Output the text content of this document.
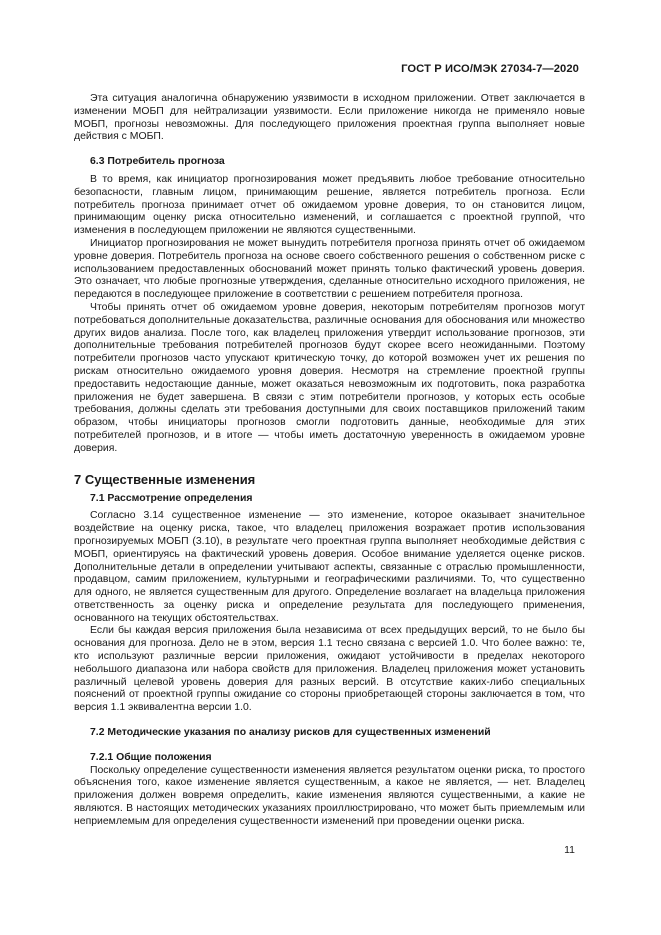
ГОСТ Р ИСО/МЭК 27034-7—2020

Эта ситуация аналогична обнаружению уязвимости в исходном приложении. Ответ заключается в изменении МОБП для нейтрализации уязвимости. Если приложение никогда не применяло новые МОБП, прогнозы невозможны. Для последующего приложения проектная группа выполняет новые действия с МОБП.

6.3 Потребитель прогноза

В то время, как инициатор прогнозирования может предъявить любое требование относительно безопасности, главным лицом, принимающим решение, является потребитель прогноза. Если потребитель прогноза принимает отчет об ожидаемом уровне доверия, то он становится лицом, принимающим оценку риска относительно изменений, и соглашается с проектной группой, что изменения в последующем приложении не являются существенными.

Инициатор прогнозирования не может вынудить потребителя прогноза принять отчет об ожидаемом уровне доверия. Потребитель прогноза на основе своего собственного решения о собственном риске с использованием предоставленных обоснований может принять только фактический уровень доверия. Это означает, что любые прогнозные утверждения, сделанные относительно исходного приложения, не передаются в последующее приложение в соответствии с решением потребителя прогноза.

Чтобы принять отчет об ожидаемом уровне доверия, некоторым потребителям прогнозов могут потребоваться дополнительные доказательства, различные основания для обоснования или множество других видов анализа. После того, как владелец приложения утвердит использование прогнозов, эти дополнительные требования потребителей прогнозов будут скорее всего неожиданными. Поэтому потребители прогнозов часто упускают критическую точку, до которой возможен учет их решения по рискам относительно ожидаемого уровня доверия. Несмотря на стремление проектной группы предоставить недостающие данные, может оказаться невозможным их подготовить, пока разработка приложения не будет завершена. В связи с этим потребители прогнозов, у которых есть особые требования, должны сделать эти требования доступными для своих поставщиков приложений таким образом, чтобы инициаторы прогнозов смогли подготовить данные, необходимые для этих потребителей прогнозов, и в итоге — чтобы иметь достаточную уверенность в ожидаемом уровне доверия.

7 Существенные изменения
7.1 Рассмотрение определения

Согласно 3.14 существенное изменение — это изменение, которое оказывает значительное воздействие на оценку риска, такое, что владелец приложения возражает против использования прогнозируемых МОБП (3.10), в результате чего проектная группа выполняет необходимые действия с МОБП, ориентируясь на фактический уровень доверия. Особое внимание уделяется оценке рисков. Дополнительные детали в определении учитывают аспекты, связанные с отраслью промышленности, продавцом, самим приложением, культурными и географическими различиями. То, что существенно для одного, не является существенным для другого. Определение возлагает на владельца приложения ответственность за оценку риска и определение результата для последующего применения, основанного на текущих обстоятельствах.

Если бы каждая версия приложения была независима от всех предыдущих версий, то не было бы основания для прогноза. Дело не в этом, версия 1.1 тесно связана с версией 1.0. Что более важно: те, кто используют различные версии приложения, ожидают устойчивости в пределах некоторого небольшого диапазона или набора свойств для приложения. Владелец приложения может установить различный целевой уровень доверия для разных версий. В отсутствие каких-либо специальных пояснений от проектной группы ожидание со стороны приобретающей стороны заключается в том, что версия 1.1 эквивалентна версии 1.0.

7.2 Методические указания по анализу рисков для существенных изменений
7.2.1 Общие положения

Поскольку определение существенности изменения является результатом оценки риска, то простого объяснения того, какое изменение является существенным, а какое не является, — нет. Владелец приложения должен вовремя определить, какие изменения являются существенными, а какие не являются. В настоящих методических указаниях проиллюстрировано, что может быть приемлемым или неприемлемым для определения существенности изменений при проведении оценки риска.

11
